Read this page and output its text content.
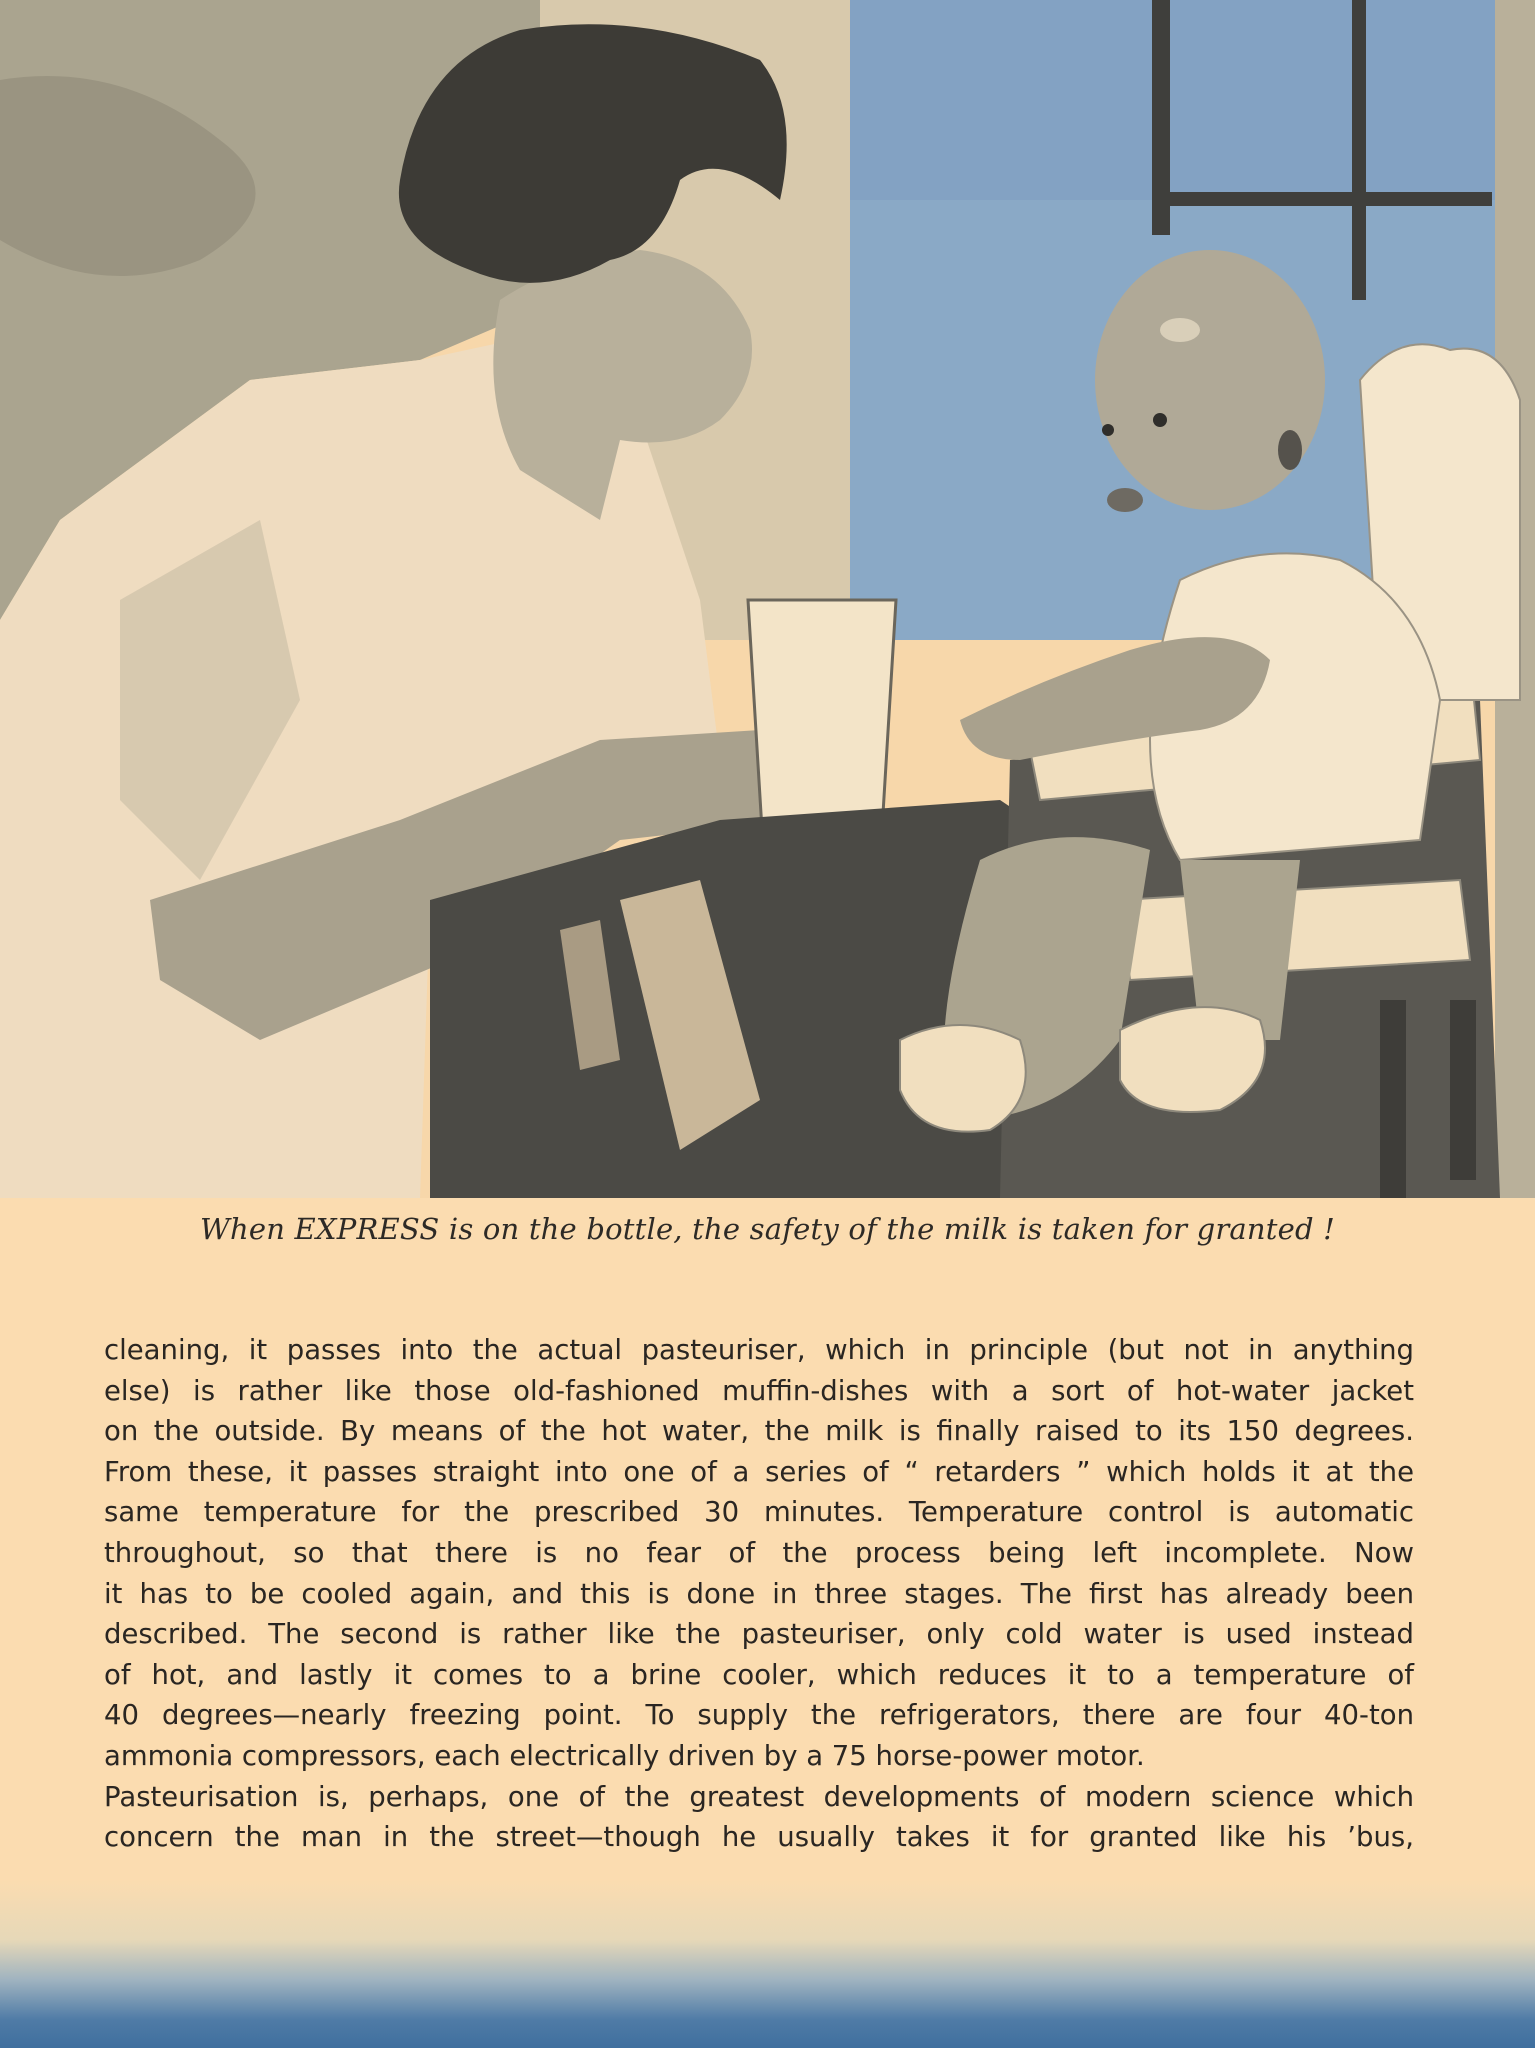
When EXPRESS is on the bottle, the safety of the milk is taken for granted !
cleaning, it passes into the actual pasteuriser, which in principle (but not in anything
else) is rather like those old-fashioned muffin-dishes with a sort of hot-water jacket
on the outside. By means of the hot water, the milk is finally raised to its 150 degrees.
From these, it passes straight into one of a series of “ retarders ” which holds it at the
same temperature for the prescribed 30 minutes. Temperature control is automatic
throughout, so that there is no fear of the process being left incomplete. Now
it has to be cooled again, and this is done in three stages. The first has already been
described. The second is rather like the pasteuriser, only cold water is used instead
of hot, and lastly it comes to a brine cooler, which reduces it to a temperature of
40 degrees—nearly freezing point. To supply the refrigerators, there are four 40-ton
ammonia compressors, each electrically driven by a 75 horse-power motor.
Pasteurisation is, perhaps, one of the greatest developments of modern science which
concern the man in the street—though he usually takes it for granted like his ’bus,
